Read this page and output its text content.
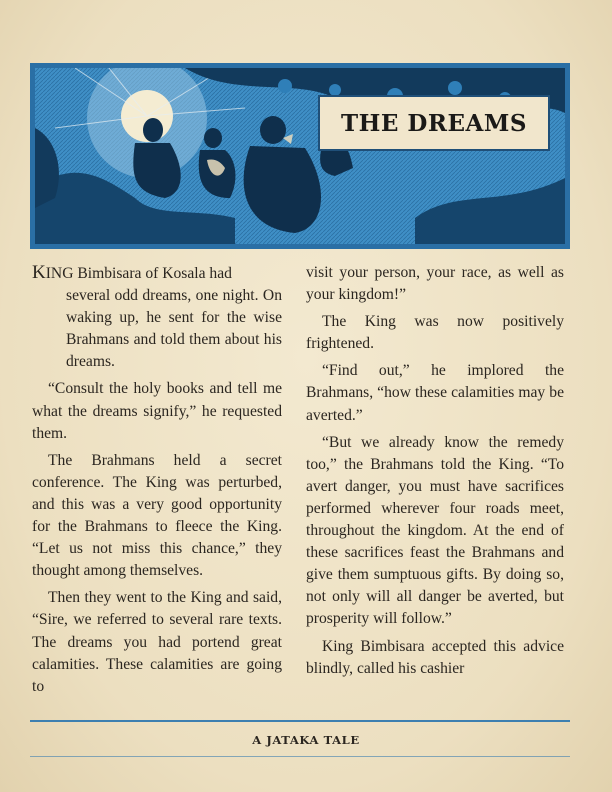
THE DREAMS

KING Bimbisara of Kosala had
several odd dreams, one night. On waking up, he sent for the wise Brahmans and told them about his dreams.

“Consult the holy books and tell me what the dreams signify,” he requested them.

The Brahmans held a secret conference. The King was perturbed, and this was a very good opportunity for the Brahmans to fleece the King. “Let us not miss this chance,” they thought among themselves.

Then they went to the King and said, “Sire, we referred to several rare texts. The dreams you had portend great calamities. These calamities are going to

visit your person, your race, as well as your kingdom!”

The King was now positively frightened.

“Find out,” he implored the Brahmans, “how these calamities may be averted.”

“But we already know the remedy too,” the Brahmans told the King. “To avert danger, you must have sacrifices performed wherever four roads meet, throughout the kingdom. At the end of these sacrifices feast the Brahmans and give them sumptuous gifts. By doing so, not only will all danger be averted, but prosperity will follow.”

King Bimbisara accepted this advice blindly, called his cashier

A JATAKA TALE
